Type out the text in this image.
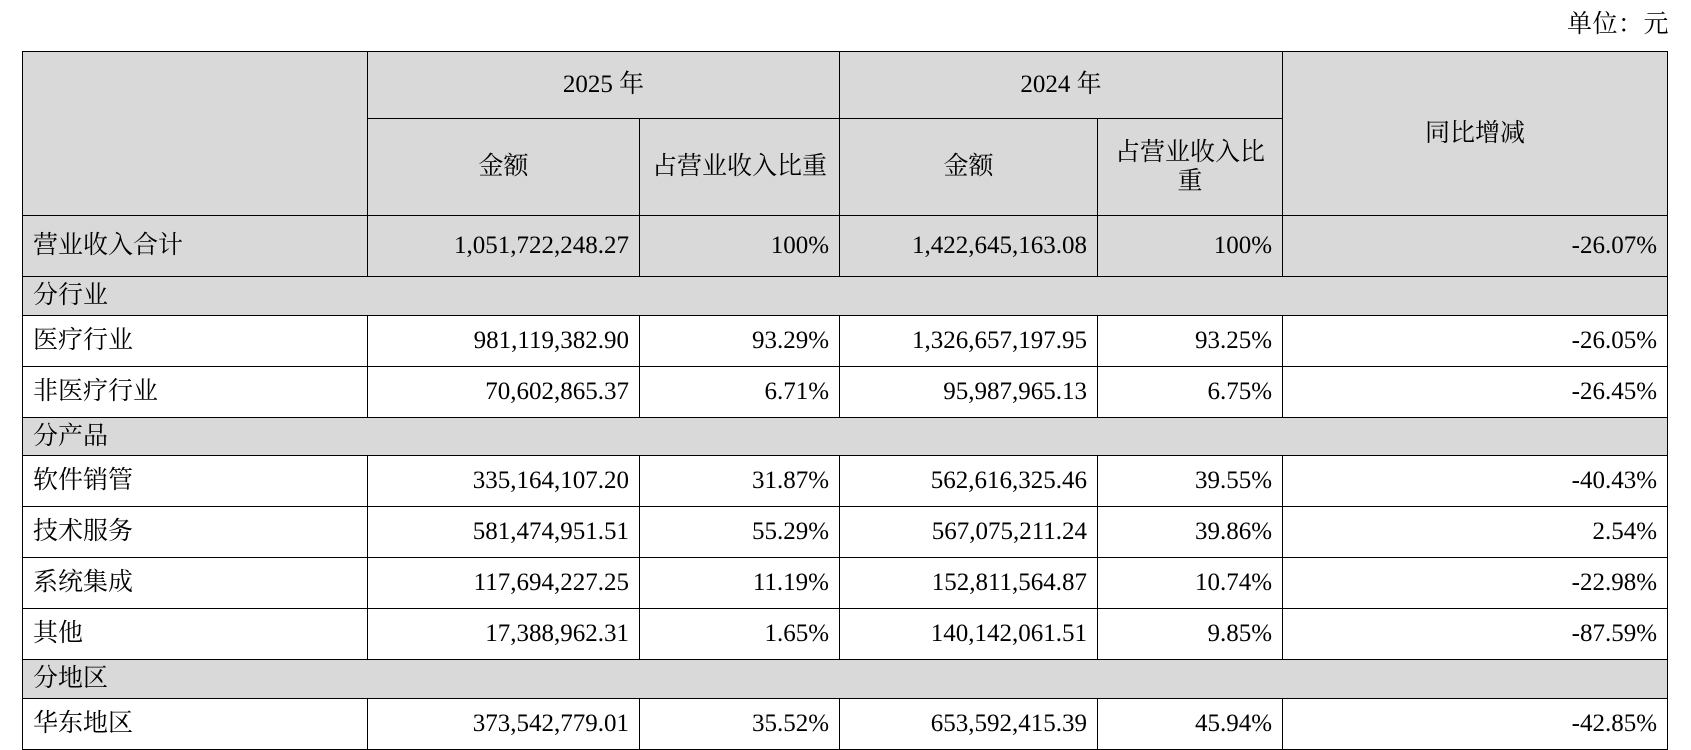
单位：元
	2025 年		2024 年		同比增减
	金额	占营业收入比重	金额	占营业收入比重	
营业收入合计	1,051,722,248.27	100%	1,422,645,163.08	100%	-26.07%
分行业					
医疗行业	981,119,382.90	93.29%	1,326,657,197.95	93.25%	-26.05%
非医疗行业	70,602,865.37	6.71%	95,987,965.13	6.75%	-26.45%
分产品					
软件销管	335,164,107.20	31.87%	562,616,325.46	39.55%	-40.43%
技术服务	581,474,951.51	55.29%	567,075,211.24	39.86%	2.54%
系统集成	117,694,227.25	11.19%	152,811,564.87	10.74%	-22.98%
其他	17,388,962.31	1.65%	140,142,061.51	9.85%	-87.59%
分地区					
华东地区	373,542,779.01	35.52%	653,592,415.39	45.94%	-42.85%
